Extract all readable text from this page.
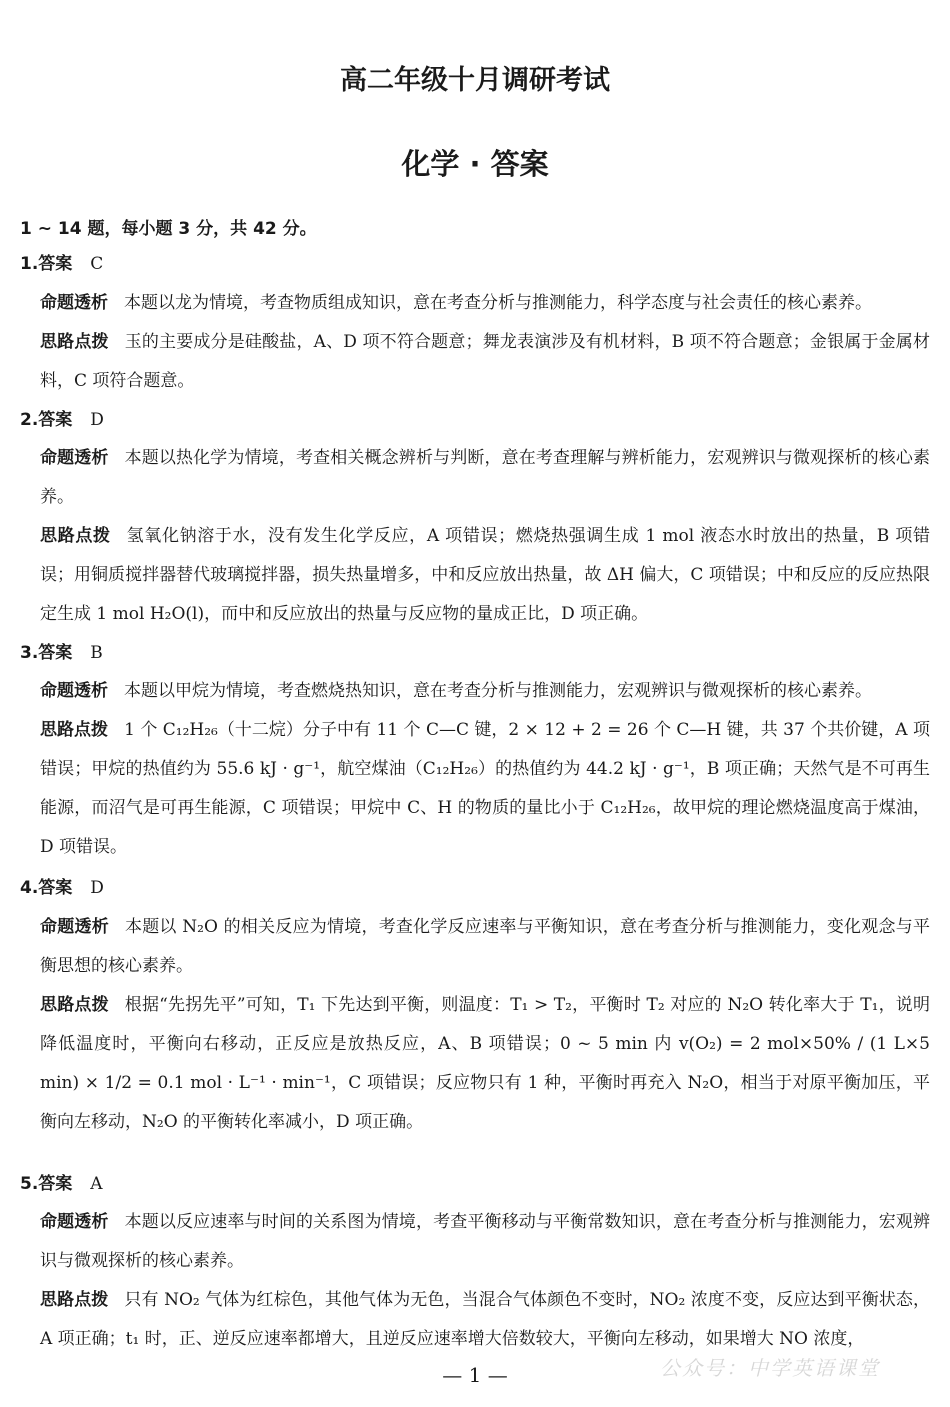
高二年级十月调研考试
化学 · 答案
1 ~ 14 题，每小题 3 分，共 42 分。
1.答案 C
命题透析 本题以龙为情境，考查物质组成知识，意在考查分析与推测能力，科学态度与社会责任的核心素养。
思路点拨 玉的主要成分是硅酸盐，A、D 项不符合题意；舞龙表演涉及有机材料，B 项不符合题意；金银属于金属材料，C 项符合题意。
2.答案 D
命题透析 本题以热化学为情境，考查相关概念辨析与判断，意在考查理解与辨析能力，宏观辨识与微观探析的核心素养。
思路点拨 氢氧化钠溶于水，没有发生化学反应，A 项错误；燃烧热强调生成 1 mol 液态水时放出的热量，B 项错误；用铜质搅拌器替代玻璃搅拌器，损失热量增多，中和反应放出热量，故 ΔH 偏大，C 项错误；中和反应的反应热限定生成 1 mol H₂O(l)，而中和反应放出的热量与反应物的量成正比，D 项正确。
3.答案 B
命题透析 本题以甲烷为情境，考查燃烧热知识，意在考查分析与推测能力，宏观辨识与微观探析的核心素养。
思路点拨 1 个 C₁₂H₂₆（十二烷）分子中有 11 个 C—C 键，2 × 12 + 2 = 26 个 C—H 键，共 37 个共价键，A 项错误；甲烷的热值约为 55.6 kJ · g⁻¹，航空煤油（C₁₂H₂₆）的热值约为 44.2 kJ · g⁻¹，B 项正确；天然气是不可再生能源，而沼气是可再生能源，C 项错误；甲烷中 C、H 的物质的量比小于 C₁₂H₂₆，故甲烷的理论燃烧温度高于煤油，D 项错误。
4.答案 D
命题透析 本题以 N₂O 的相关反应为情境，考查化学反应速率与平衡知识，意在考查分析与推测能力，变化观念与平衡思想的核心素养。
思路点拨 根据“先拐先平”可知，T₁ 下先达到平衡，则温度：T₁ > T₂，平衡时 T₂ 对应的 N₂O 转化率大于 T₁，说明降低温度时，平衡向右移动，正反应是放热反应，A、B 项错误；0 ~ 5 min 内 v(O₂) = 2 mol×50% / (1 L×5 min) × 1/2 = 0.1 mol · L⁻¹ · min⁻¹，C 项错误；反应物只有 1 种，平衡时再充入 N₂O，相当于对原平衡加压，平衡向左移动，N₂O 的平衡转化率减小，D 项正确。
5.答案 A
命题透析 本题以反应速率与时间的关系图为情境，考查平衡移动与平衡常数知识，意在考查分析与推测能力，宏观辨识与微观探析的核心素养。
思路点拨 只有 NO₂ 气体为红棕色，其他气体为无色，当混合气体颜色不变时，NO₂ 浓度不变，反应达到平衡状态，A 项正确；t₁ 时，正、逆反应速率都增大，且逆反应速率增大倍数较大，平衡向左移动，如果增大 NO 浓度，
公众号：中学英语课堂
— 1 —
